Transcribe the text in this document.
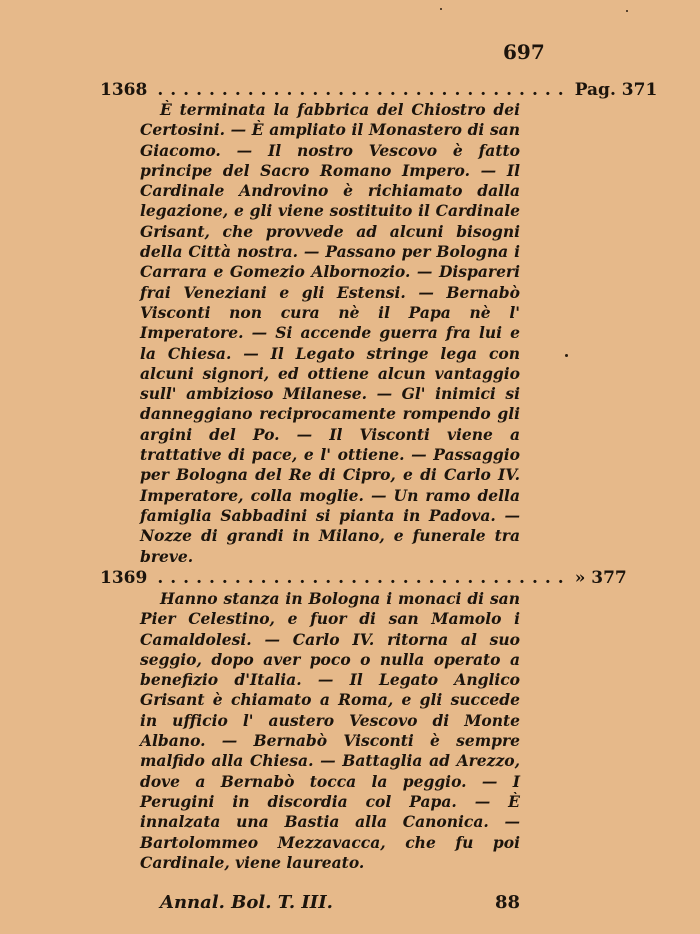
697
1368 ................................ Pag. 371

È terminata la fabbrica del Chiostro dei Certosini. — È ampliato il Monastero di san Giacomo. — Il nostro Vescovo è fatto principe del Sacro Romano Impero. — Il Cardinale Androvino è richiamato dalla legazione, e gli viene sostituito il Cardinale Grisant, che provvede ad alcuni bisogni della Città nostra. — Passano per Bologna i Carrara e Gomezio Albornozio. — Dispareri frai Veneziani e gli Estensi. — Bernabò Visconti non cura nè il Papa nè l' Imperatore. — Si accende guerra fra lui e la Chiesa. — Il Legato stringe lega con alcuni signori, ed ottiene alcun vantaggio sull' ambizioso Milanese. — Gl' inimici si danneggiano reciprocamente rompendo gli argini del Po. — Il Visconti viene a trattative di pace, e l' ottiene. — Passaggio per Bologna del Re di Cipro, e di Carlo IV. Imperatore, colla moglie. — Un ramo della famiglia Sabbadini si pianta in Padova. — Nozze di grandi in Milano, e funerale tra breve.

1369 ................................ » 377

Hanno stanza in Bologna i monaci di san Pier Celestino, e fuor di san Mamolo i Camaldolesi. — Carlo IV. ritorna al suo seggio, dopo aver poco o nulla operato a benefizio d'Italia. — Il Legato Anglico Grisant è chiamato a Roma, e gli succede in ufficio l' austero Vescovo di Monte Albano. — Bernabò Visconti è sempre malfido alla Chiesa. — Battaglia ad Arezzo, dove a Bernabò tocca la peggio. — I Perugini in discordia col Papa. — È innalzata una Bastia alla Canonica. — Bartolommeo Mezzavacca, che fu poi Cardinale, viene laureato.

Annal. Bol. T. III.	88
